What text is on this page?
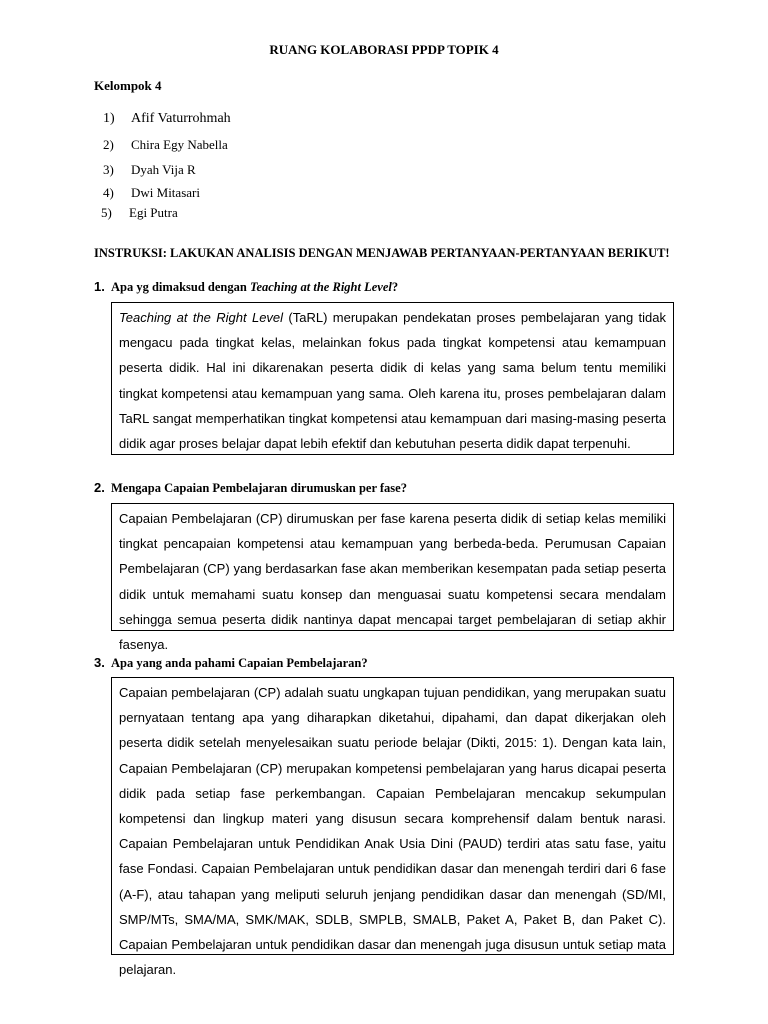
RUANG KOLABORASI PPDP TOPIK 4
Kelompok 4
1) Afif Vaturrohmah
2) Chira Egy Nabella
3) Dyah Vija R
4) Dwi Mitasari
5) Egi Putra
INSTRUKSI: LAKUKAN ANALISIS DENGAN MENJAWAB PERTANYAAN-PERTANYAAN BERIKUT!
1. Apa yg dimaksud dengan Teaching at the Right Level?

Teaching at the Right Level (TaRL) merupakan pendekatan proses pembelajaran yang tidak mengacu pada tingkat kelas, melainkan fokus pada tingkat kompetensi atau kemampuan peserta didik. Hal ini dikarenakan peserta didik di kelas yang sama belum tentu memiliki tingkat kompetensi atau kemampuan yang sama. Oleh karena itu, proses pembelajaran dalam TaRL sangat memperhatikan tingkat kompetensi atau kemampuan dari masing-masing peserta didik agar proses belajar dapat lebih efektif dan kebutuhan peserta didik dapat terpenuhi.

2. Mengapa Capaian Pembelajaran dirumuskan per fase?

Capaian Pembelajaran (CP) dirumuskan per fase karena peserta didik di setiap kelas memiliki tingkat pencapaian kompetensi atau kemampuan yang berbeda-beda. Perumusan Capaian Pembelajaran (CP) yang berdasarkan fase akan memberikan kesempatan pada setiap peserta didik untuk memahami suatu konsep dan menguasai suatu kompetensi secara mendalam sehingga semua peserta didik nantinya dapat mencapai target pembelajaran di setiap akhir fasenya.

3. Apa yang anda pahami Capaian Pembelajaran?

Capaian pembelajaran (CP) adalah suatu ungkapan tujuan pendidikan, yang merupakan suatu pernyataan tentang apa yang diharapkan diketahui, dipahami, dan dapat dikerjakan oleh peserta didik setelah menyelesaikan suatu periode belajar (Dikti, 2015: 1). Dengan kata lain, Capaian Pembelajaran (CP) merupakan kompetensi pembelajaran yang harus dicapai peserta didik pada setiap fase perkembangan. Capaian Pembelajaran mencakup sekumpulan kompetensi dan lingkup materi yang disusun secara komprehensif dalam bentuk narasi. Capaian Pembelajaran untuk Pendidikan Anak Usia Dini (PAUD) terdiri atas satu fase, yaitu fase Fondasi. Capaian Pembelajaran untuk pendidikan dasar dan menengah terdiri dari 6 fase (A-F), atau tahapan yang meliputi seluruh jenjang pendidikan dasar dan menengah (SD/MI, SMP/MTs, SMA/MA, SMK/MAK, SDLB, SMPLB, SMALB, Paket A, Paket B, dan Paket C). Capaian Pembelajaran untuk pendidikan dasar dan menengah juga disusun untuk setiap mata pelajaran.
